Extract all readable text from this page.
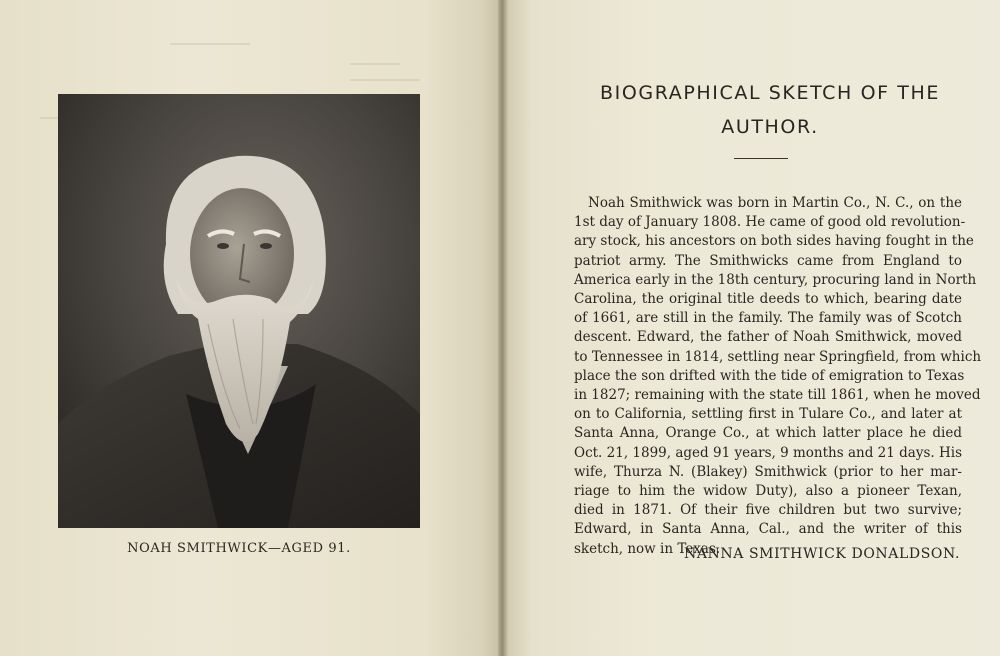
NOAH SMITHWICK—AGED 91.
BIOGRAPHICAL SKETCH OF THE
AUTHOR.
Noah Smithwick was born in Martin Co., N. C., on the
1st day of January 1808. He came of good old revolution-
ary stock, his ancestors on both sides having fought in the
patriot army. The Smithwicks came from England to
America early in the 18th century, procuring land in North
Carolina, the original title deeds to which, bearing date
of 1661, are still in the family. The family was of Scotch
descent. Edward, the father of Noah Smithwick, moved
to Tennessee in 1814, settling near Springfield, from which
place the son drifted with the tide of emigration to Texas
in 1827; remaining with the state till 1861, when he moved
on to California, settling first in Tulare Co., and later at
Santa Anna, Orange Co., at which latter place he died
Oct. 21, 1899, aged 91 years, 9 months and 21 days. His
wife, Thurza N. (Blakey) Smithwick (prior to her mar-
riage to him the widow Duty), also a pioneer Texan,
died in 1871. Of their five children but two survive;
Edward, in Santa Anna, Cal., and the writer of this
sketch, now in Texas.
NANNA SMITHWICK DONALDSON.
